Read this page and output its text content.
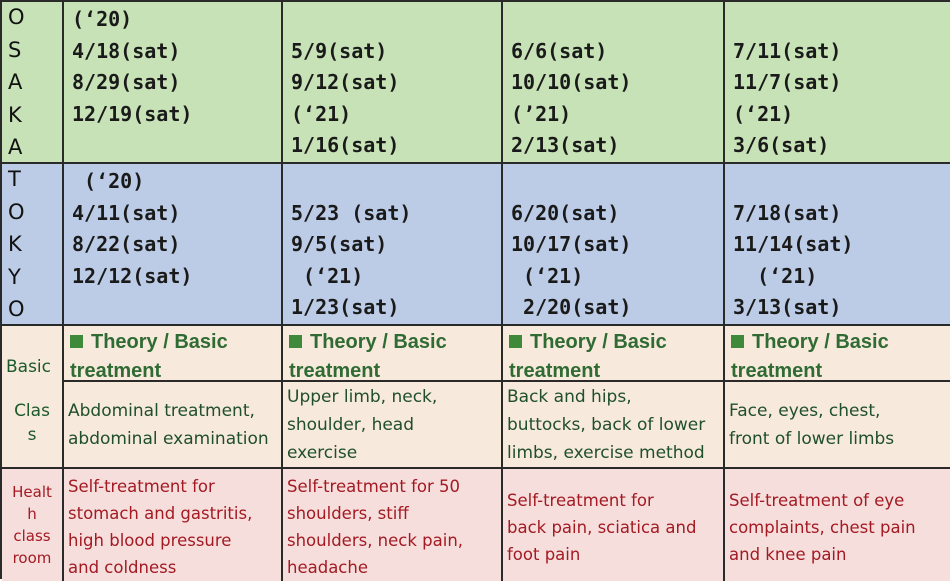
O
S
A
K
A
(‘20)
4/18(sat)
8/29(sat)
12/19(sat)
5/9(sat)
9/12(sat)
(‘21)
1/16(sat)
6/6(sat)
10/10(sat)
(’21)
2/13(sat)
7/11(sat)
11/7(sat)
(‘21)
3/6(sat)
T
O
K
Y
O
(‘20)
4/11(sat)
8/22(sat)
12/12(sat)
5/23 (sat)
9/5(sat)
(‘21)
1/23(sat)
6/20(sat)
10/17(sat)
(‘21)
2/20(sat)
7/18(sat)
11/14(sat)
(‘21)
3/13(sat)
Basic
Clas
s
Theory / Basic
treatment
Theory / Basic
treatment
Theory / Basic
treatment
Theory / Basic
treatment
Abdominal treatment,
abdominal examination
Upper limb, neck,
shoulder, head
exercise
Back and hips,
buttocks, back of lower
limbs, exercise method
Face, eyes, chest,
front of lower limbs
Healt
h
class
room
Self-treatment for
stomach and gastritis,
high blood pressure
and coldness
Self-treatment for 50
shoulders, stiff
shoulders, neck pain,
headache
Self-treatment for
back pain, sciatica and
foot pain
Self-treatment of eye
complaints, chest pain
and knee pain
